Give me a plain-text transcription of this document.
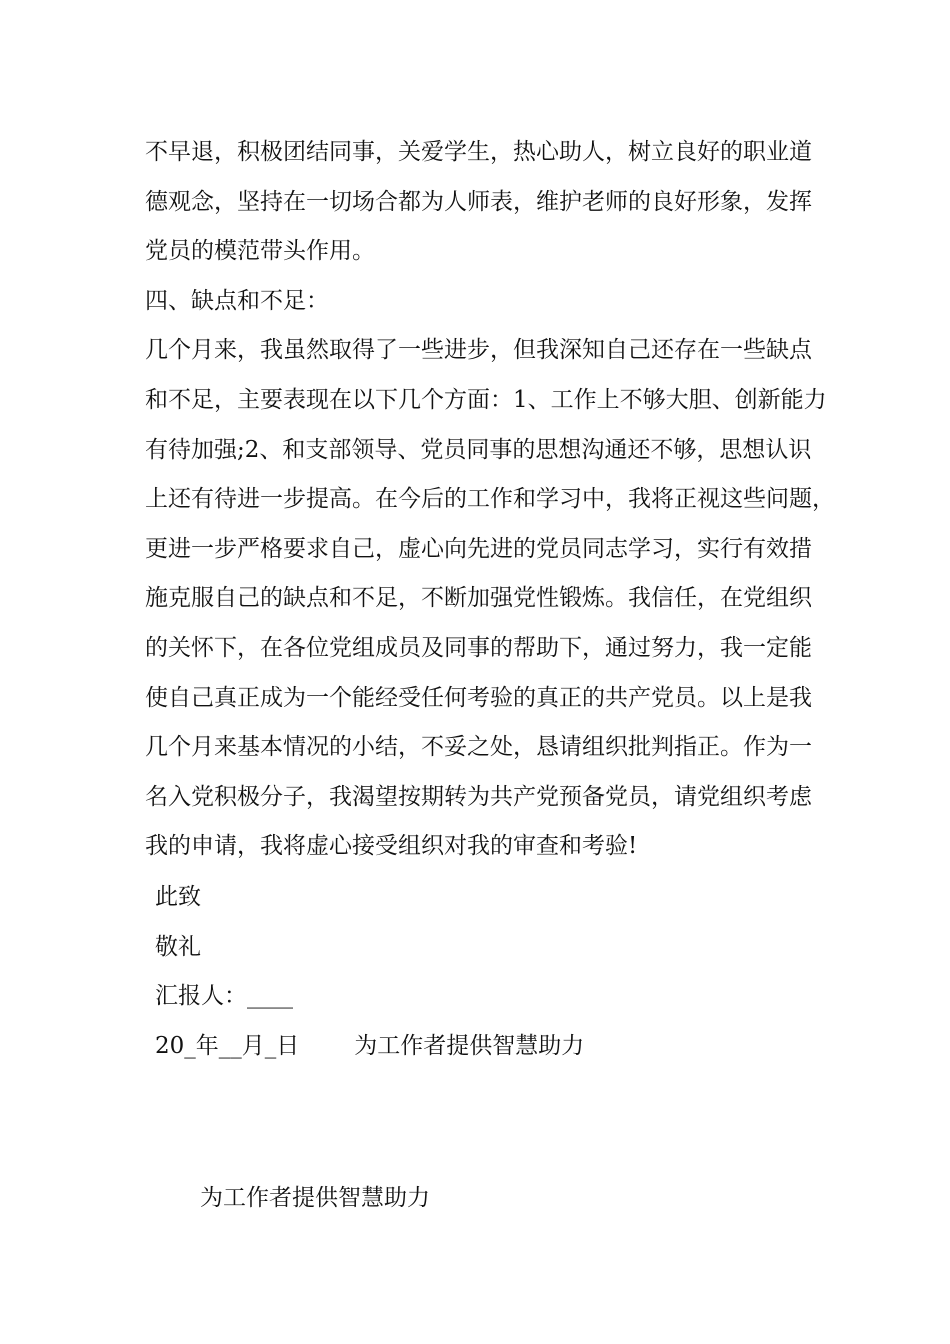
不早退，积极团结同事，关爱学生，热心助人，树立良好的职业道
德观念，坚持在一切场合都为人师表，维护老师的良好形象，发挥
党员的模范带头作用。
四、缺点和不足：
几个月来，我虽然取得了一些进步，但我深知自己还存在一些缺点
和不足，主要表现在以下几个方面：1、工作上不够大胆、创新能力
有待加强;2、和支部领导、党员同事的思想沟通还不够，思想认识
上还有待进一步提高。在今后的工作和学习中，我将正视这些问题，
更进一步严格要求自己，虚心向先进的党员同志学习，实行有效措
施克服自己的缺点和不足，不断加强党性锻炼。我信任，在党组织
的关怀下，在各位党组成员及同事的帮助下，通过努力，我一定能
使自己真正成为一个能经受任何考验的真正的共产党员。以上是我
几个月来基本情况的小结，不妥之处，恳请组织批判指正。作为一
名入党积极分子，我渴望按期转为共产党预备党员，请党组织考虑
我的申请，我将虚心接受组织对我的审查和考验!
此致
敬礼
汇报人：____
20_年__月_日 为工作者提供智慧助力
为工作者提供智慧助力
